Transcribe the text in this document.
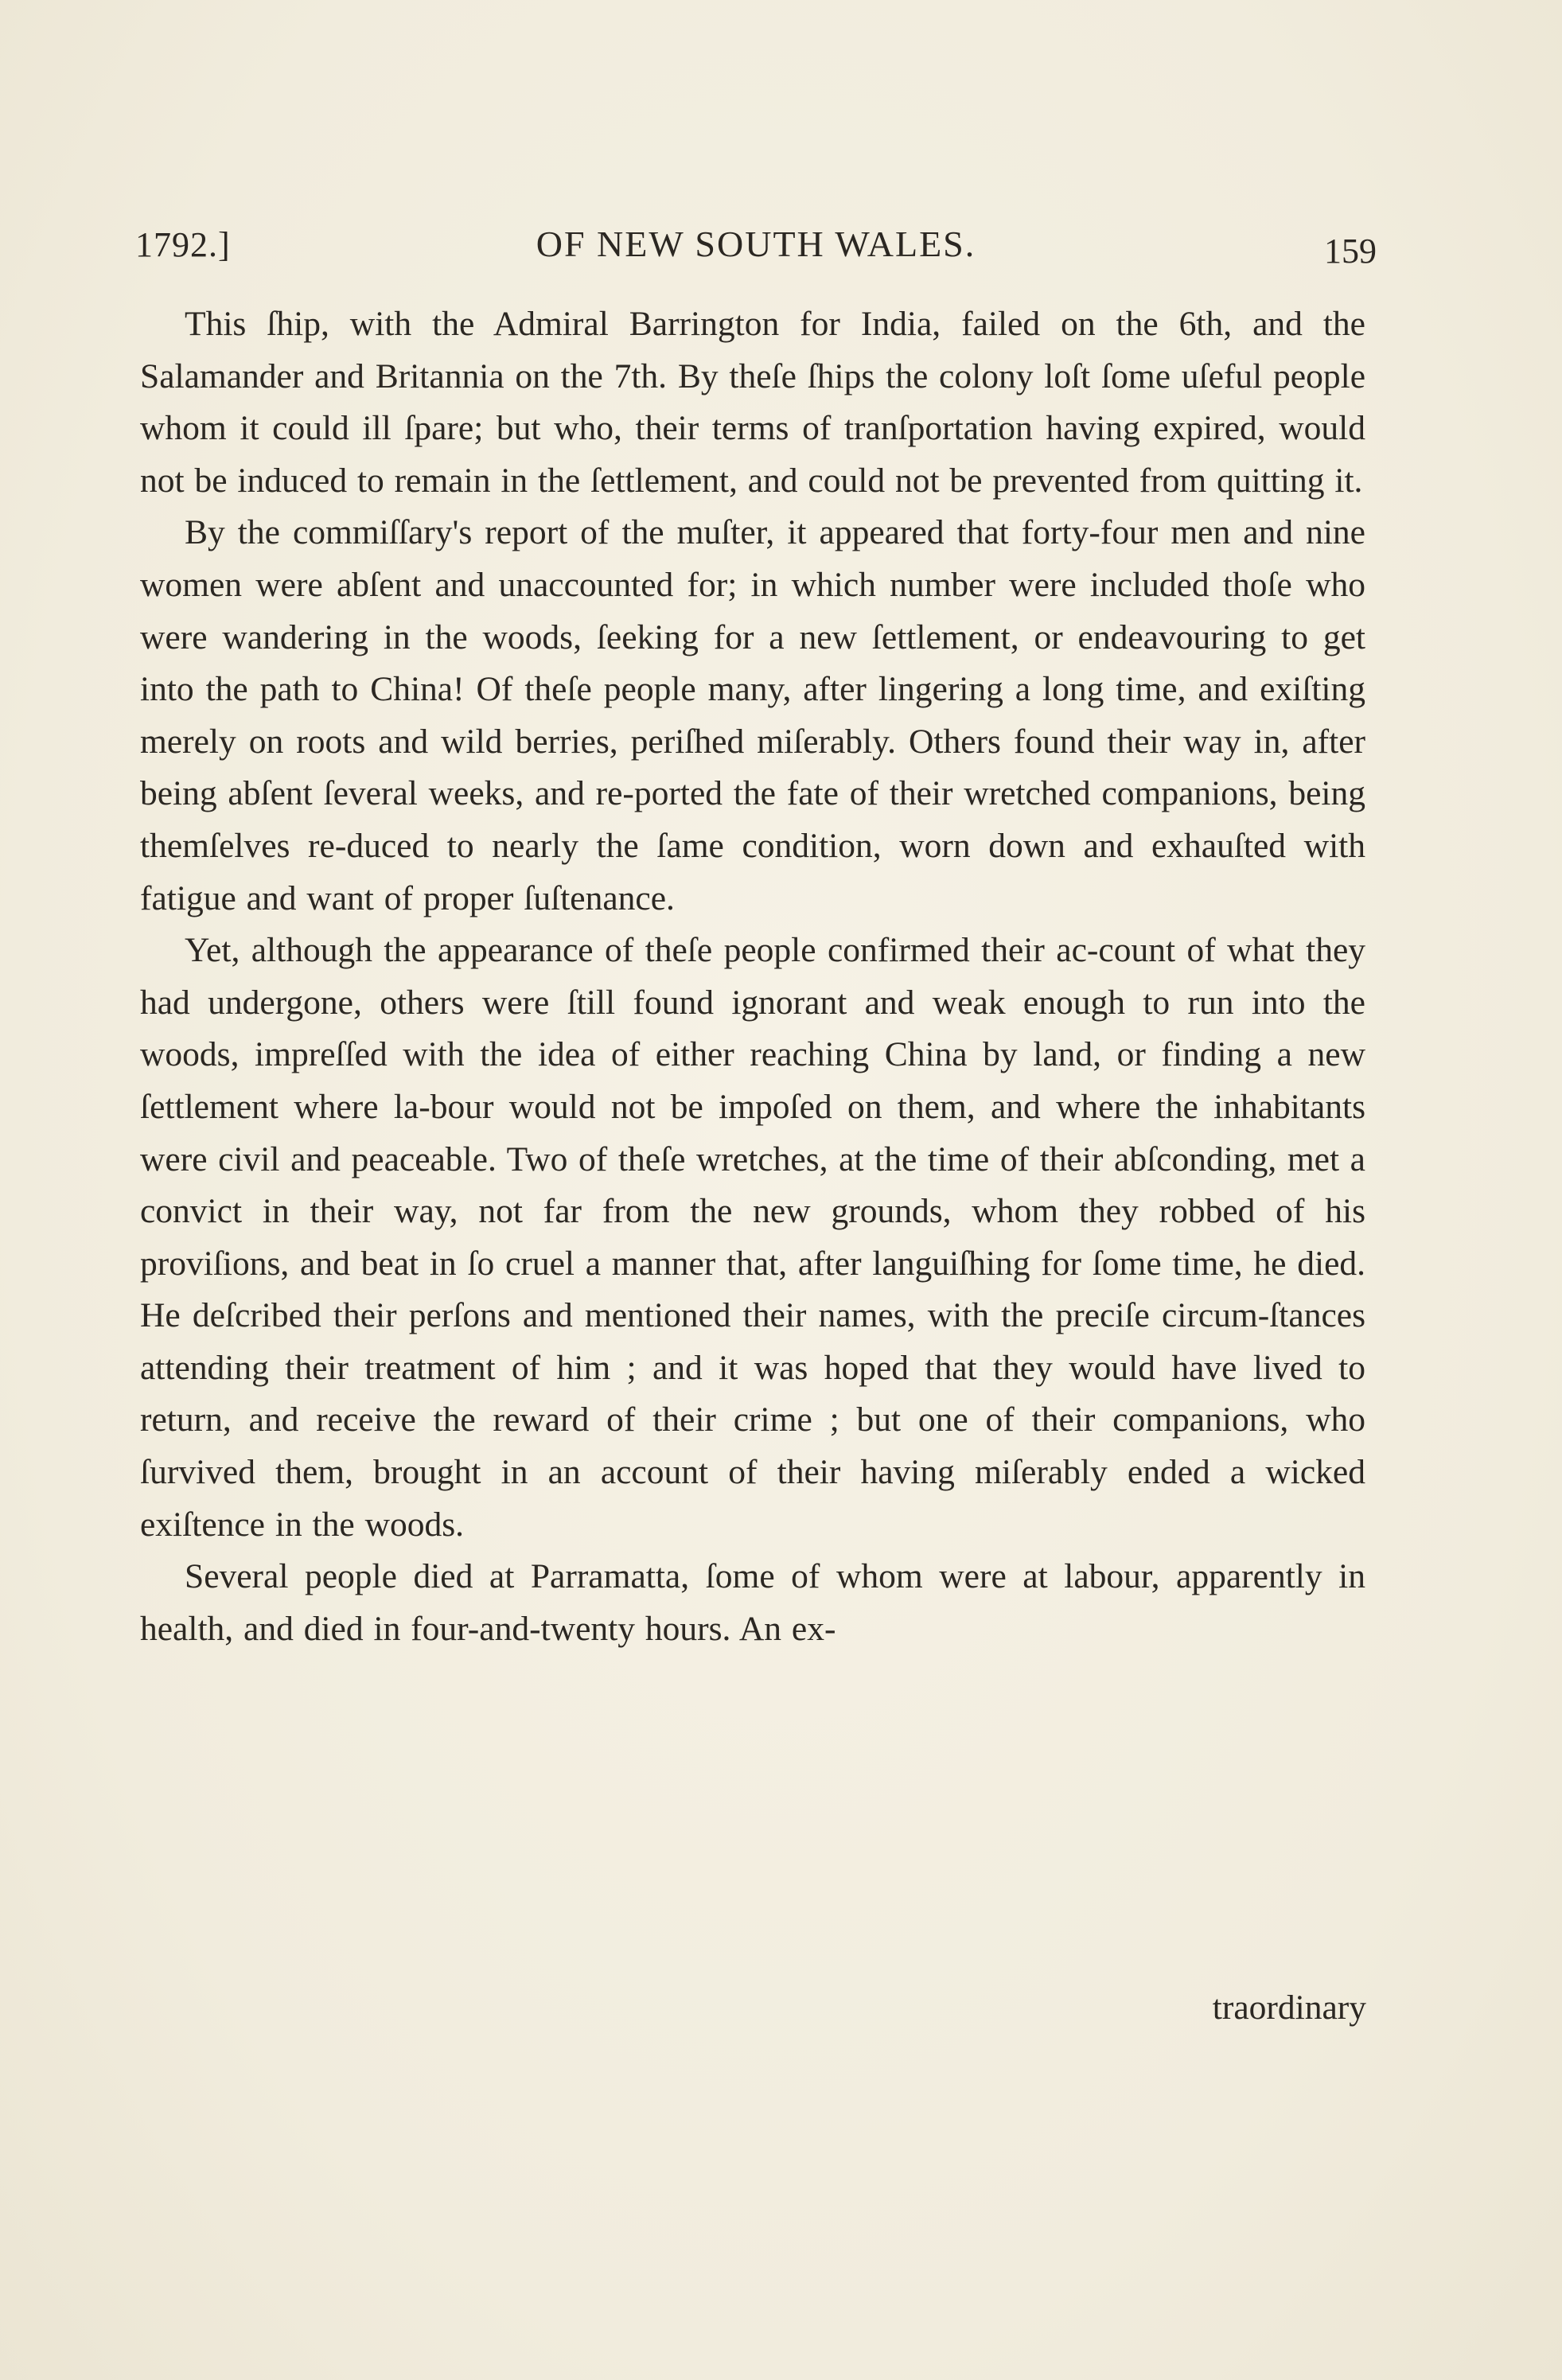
1792.]	OF NEW SOUTH WALES.	159

This ſhip, with the Admiral Barrington for India, failed on the 6th, and the Salamander and Britannia on the 7th. By theſe ſhips the colony loſt ſome uſeful people whom it could ill ſpare; but who, their terms of tranſportation having expired, would not be induced to remain in the ſettlement, and could not be prevented from quitting it.

By the commiſſary's report of the muſter, it appeared that forty-four men and nine women were abſent and unaccounted for; in which number were included thoſe who were wandering in the woods, ſeeking for a new ſettlement, or endeavouring to get into the path to China! Of theſe people many, after lingering a long time, and exiſting merely on roots and wild berries, periſhed miſerably. Others found their way in, after being abſent ſeveral weeks, and re-ported the fate of their wretched companions, being themſelves re-duced to nearly the ſame condition, worn down and exhauſted with fatigue and want of proper ſuſtenance.

Yet, although the appearance of theſe people confirmed their ac-count of what they had undergone, others were ſtill found ignorant and weak enough to run into the woods, impreſſed with the idea of either reaching China by land, or finding a new ſettlement where la-bour would not be impoſed on them, and where the inhabitants were civil and peaceable. Two of theſe wretches, at the time of their abſconding, met a convict in their way, not far from the new grounds, whom they robbed of his proviſions, and beat in ſo cruel a manner that, after languiſhing for ſome time, he died. He deſcribed their perſons and mentioned their names, with the preciſe circum-ſtances attending their treatment of him ; and it was hoped that they would have lived to return, and receive the reward of their crime ; but one of their companions, who ſurvived them, brought in an account of their having miſerably ended a wicked exiſtence in the woods.

Several people died at Parramatta, ſome of whom were at labour, apparently in health, and died in four-and-twenty hours. An ex-

traordinary
